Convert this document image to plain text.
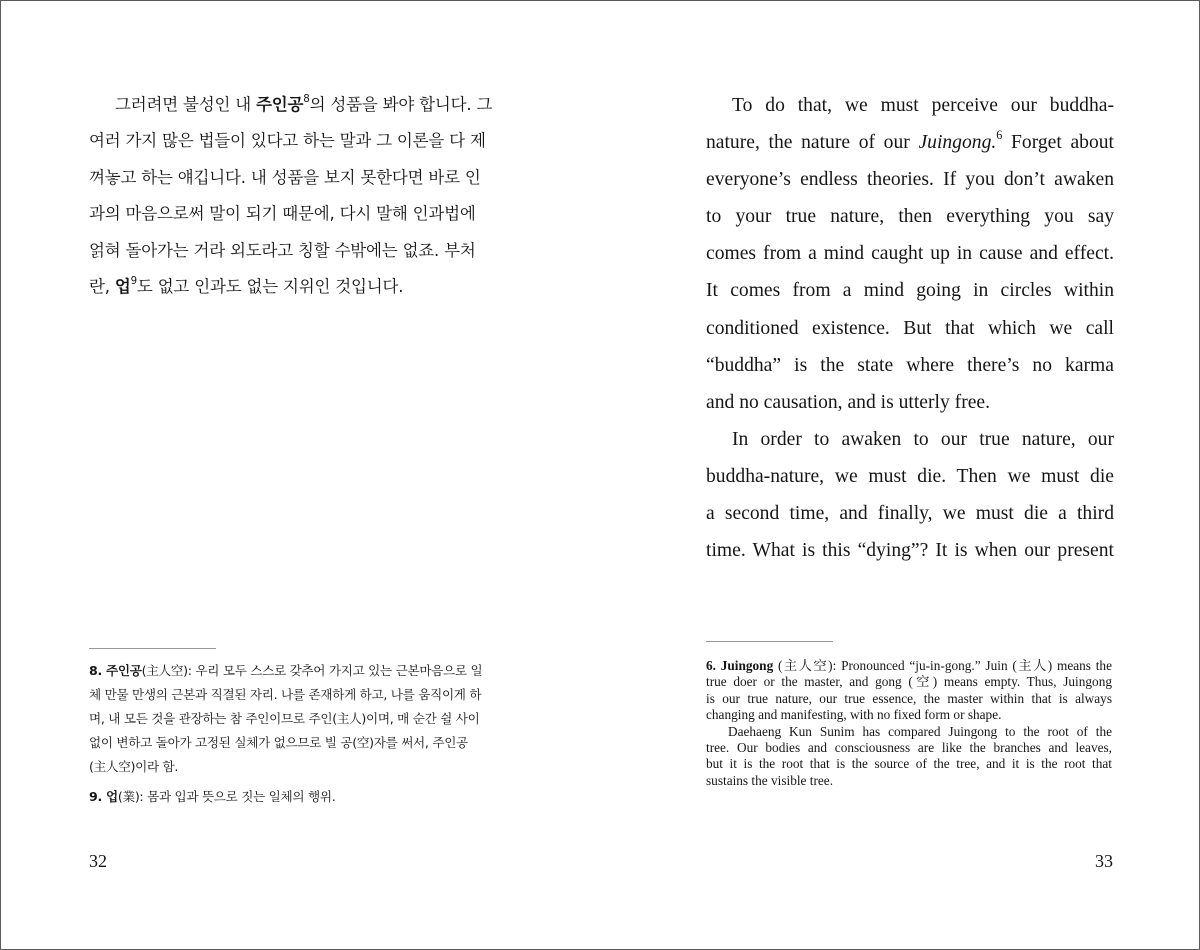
그러려면 불성인 내 주인공$^8$의 성품을 봐야 합니다. 그
여러 가지 많은 법들이 있다고 하는 말과 그 이론을 다 제
껴놓고 하는 얘깁니다. 내 성품을 보지 못한다면 바로 인
과의 마음으로써 말이 되기 때문에, 다시 말해 인과법에
얽혀 돌아가는 거라 외도라고 칭할 수밖에는 없죠. 부처
란, 업$^9$도 없고 인과도 없는 지위인 것입니다.
8. 주인공(主人空): 우리 모두 스스로 갖추어 가지고 있는 근본마음으로 일
체 만물 만생의 근본과 직결된 자리. 나를 존재하게 하고, 나를 움직이게 하
며, 내 모든 것을 관장하는 참 주인이므로 주인(主人)이며, 매 순간 쉴 사이
없이 변하고 돌아가 고정된 실체가 없으므로 빌 공(空)자를 써서, 주인공
(主人空)이라 함.
9. 업(業): 몸과 입과 뜻으로 짓는 일체의 행위.
32
To do that, we must perceive our buddha-
nature, the nature of our Juingong.$^6$ Forget about
everyone’s endless theories. If you don’t awaken
to your true nature, then everything you say
comes from a mind caught up in cause and effect.
It comes from a mind going in circles within
conditioned existence. But that which we call
“buddha” is the state where there’s no karma
and no causation, and is utterly free.
In order to awaken to our true nature, our
buddha-nature, we must die. Then we must die
a second time, and finally, we must die a third
time. What is this “dying”? It is when our present
6. Juingong (主人空): Pronounced “ju-in-gong.” Juin (主人) means the
true doer or the master, and gong (空) means empty. Thus, Juingong
is our true nature, our true essence, the master within that is always
changing and manifesting, with no fixed form or shape.
Daehaeng Kun Sunim has compared Juingong to the root of the
tree. Our bodies and consciousness are like the branches and leaves,
but it is the root that is the source of the tree, and it is the root that
sustains the visible tree.
33
